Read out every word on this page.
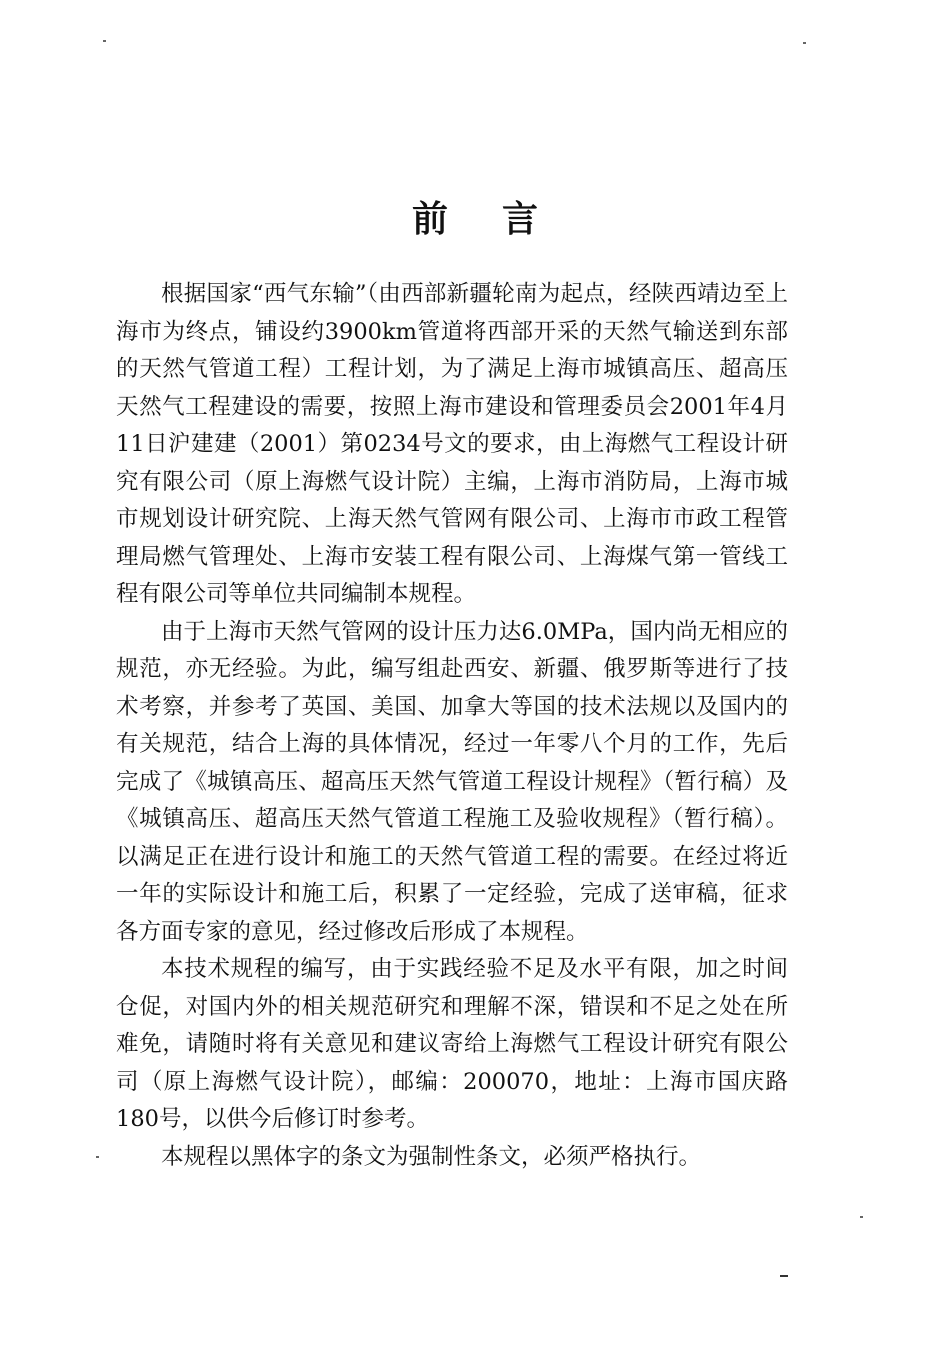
前言

根据国家“西气东输”（由西部新疆轮南为起点，经陕西靖边至上海市为终点，铺设约3900km管道将西部开采的天然气输送到东部的天然气管道工程）工程计划，为了满足上海市城镇高压、超高压天然气工程建设的需要，按照上海市建设和管理委员会2001年4月11日沪建建（2001）第0234号文的要求，由上海燃气工程设计研究有限公司（原上海燃气设计院）主编，上海市消防局，上海市城市规划设计研究院、上海天然气管网有限公司、上海市市政工程管理局燃气管理处、上海市安装工程有限公司、上海煤气第一管线工程有限公司等单位共同编制本规程。

由于上海市天然气管网的设计压力达6.0MPa，国内尚无相应的规范，亦无经验。为此，编写组赴西安、新疆、俄罗斯等进行了技术考察，并参考了英国、美国、加拿大等国的技术法规以及国内的有关规范，结合上海的具体情况，经过一年零八个月的工作，先后完成了《城镇高压、超高压天然气管道工程设计规程》（暂行稿）及《城镇高压、超高压天然气管道工程施工及验收规程》（暂行稿）。以满足正在进行设计和施工的天然气管道工程的需要。在经过将近一年的实际设计和施工后，积累了一定经验，完成了送审稿，征求各方面专家的意见，经过修改后形成了本规程。

本技术规程的编写，由于实践经验不足及水平有限，加之时间仓促，对国内外的相关规范研究和理解不深，错误和不足之处在所难免，请随时将有关意见和建议寄给上海燃气工程设计研究有限公司（原上海燃气设计院），邮编：200070，地址：上海市国庆路180号，以供今后修订时参考。

本规程以黑体字的条文为强制性条文，必须严格执行。
